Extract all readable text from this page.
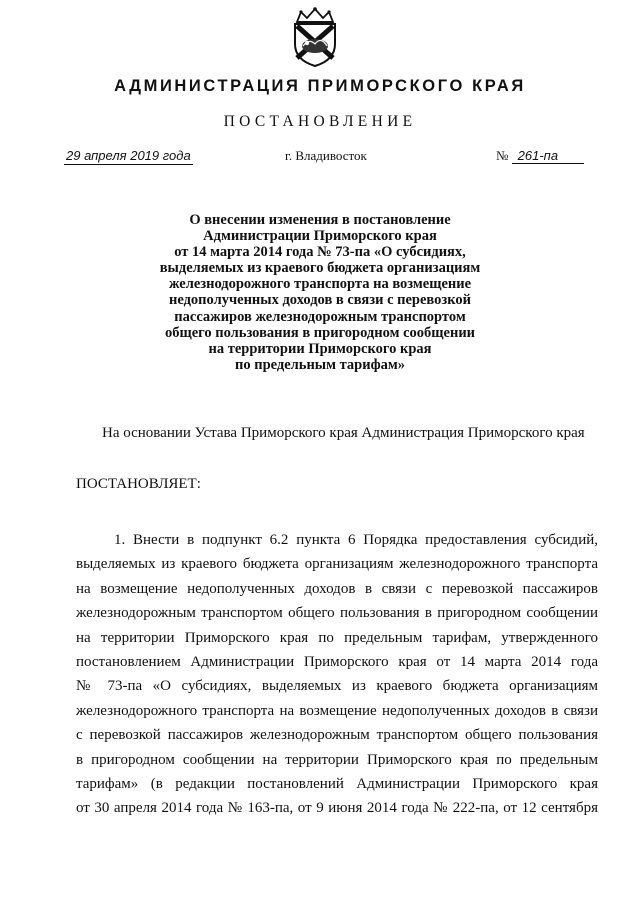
АДМИНИСТРАЦИЯ ПРИМОРСКОГО КРАЯ
ПОСТАНОВЛЕНИЕ
29 апреля 2019 года	г. Владивосток	№ 261-па
О внесении изменения в постановление
Администрации Приморского края
от 14 марта 2014 года № 73-па «О субсидиях,
выделяемых из краевого бюджета организациям
железнодорожного транспорта на возмещение
недополученных доходов в связи с перевозкой
пассажиров железнодорожным транспортом
общего пользования в пригородном сообщении
на территории Приморского края
по предельным тарифам»
На основании Устава Приморского края Администрация Приморского края
ПОСТАНОВЛЯЕТ:
1. Внести в подпункт 6.2 пункта 6 Порядка предоставления субсидий,
выделяемых из краевого бюджета организациям железнодорожного транспорта
на возмещение недополученных доходов в связи с перевозкой пассажиров
железнодорожным транспортом общего пользования в пригородном сообщении
на территории Приморского края по предельным тарифам, утвержденного
постановлением Администрации Приморского края от 14 марта 2014 года
№ 73-па «О субсидиях, выделяемых из краевого бюджета организациям
железнодорожного транспорта на возмещение недополученных доходов в связи
с перевозкой пассажиров железнодорожным транспортом общего пользования
в пригородном сообщении на территории Приморского края по предельным
тарифам» (в редакции постановлений Администрации Приморского края
от 30 апреля 2014 года № 163-па, от 9 июня 2014 года № 222-па, от 12 сентября
